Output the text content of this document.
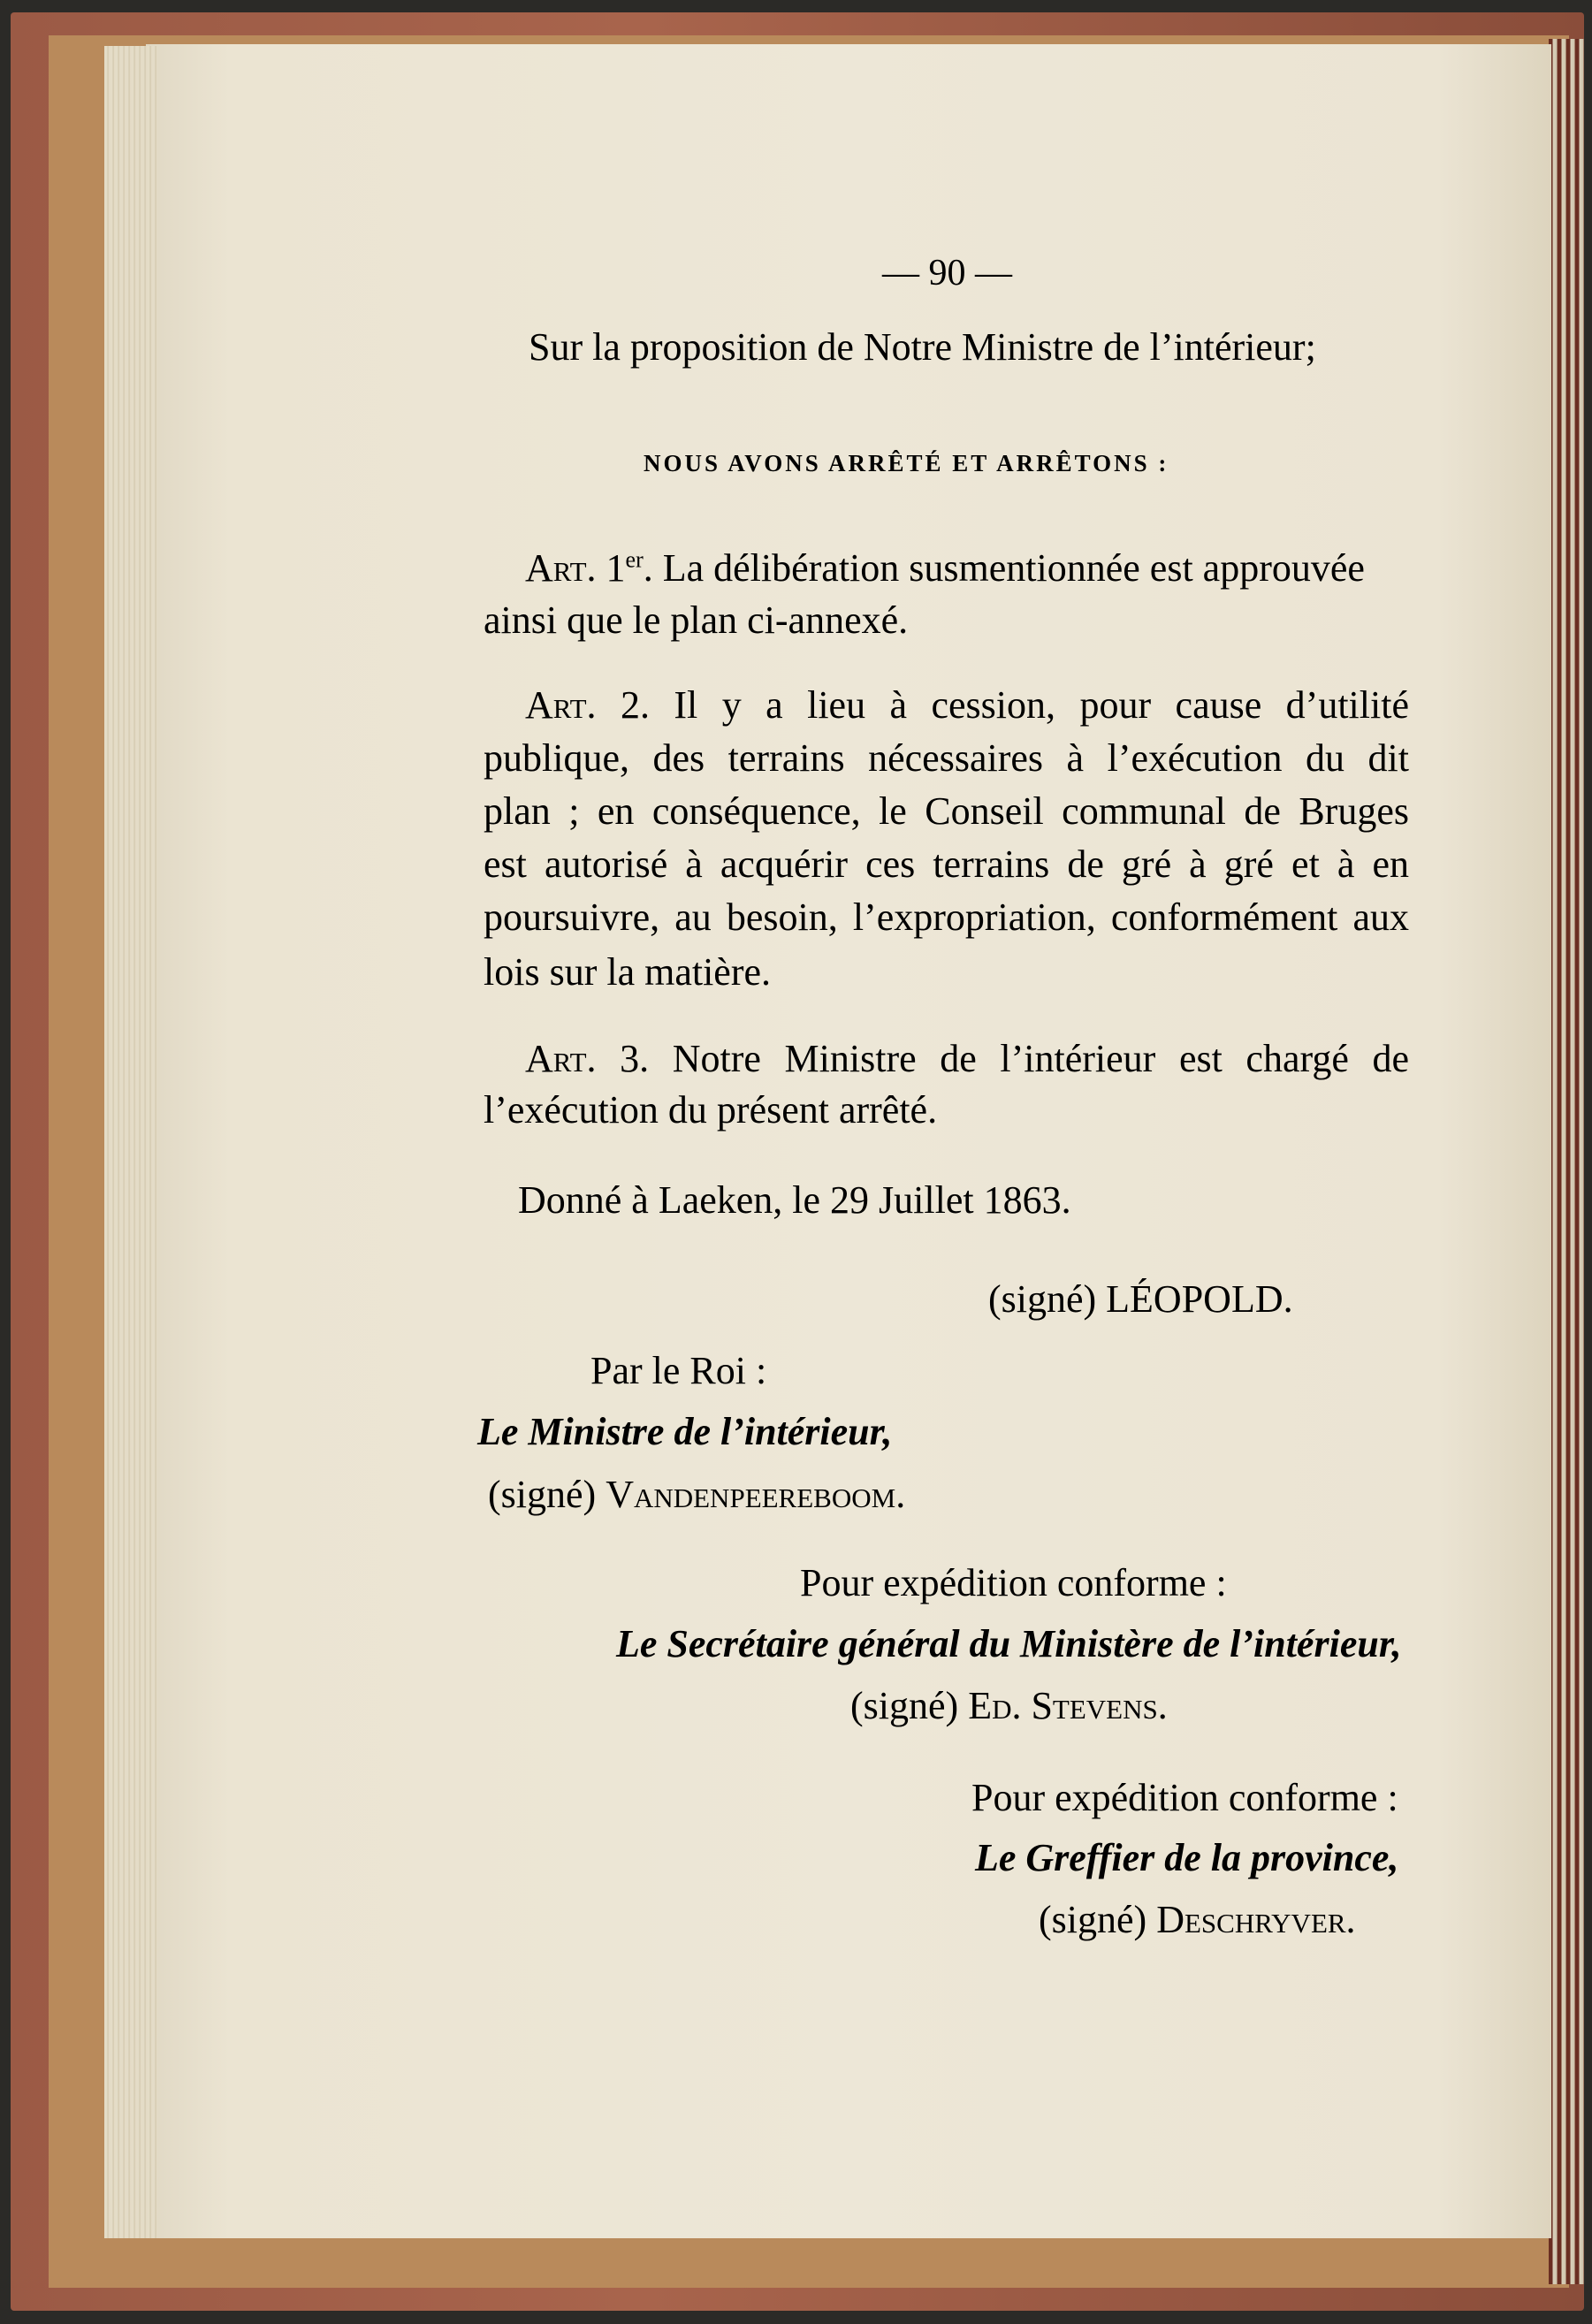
— 90 —
Sur la proposition de Notre Ministre de l’intérieur;
NOUS AVONS ARRÊTÉ ET ARRÊTONS :
Art. 1er. La délibération susmentionnée est approuvée
ainsi que le plan ci-annexé.
Art. 2. Il y a lieu à cession, pour cause d’utilité
publique, des terrains nécessaires à l’exécution du dit
plan ; en conséquence, le Conseil communal de Bruges
est autorisé à acquérir ces terrains de gré à gré et à en
poursuivre, au besoin, l’expropriation, conformément aux
lois sur la matière.
Art. 3. Notre Ministre de l’intérieur est chargé de
l’exécution du présent arrêté.
Donné à Laeken, le 29 Juillet 1863.
(signé) LÉOPOLD.
Par le Roi :
Le Ministre de l’intérieur,
(signé) Vandenpeereboom.
Pour expédition conforme :
Le Secrétaire général du Ministère de l’intérieur,
(signé) Ed. Stevens.
Pour expédition conforme :
Le Greffier de la province,
(signé) Deschryver.
